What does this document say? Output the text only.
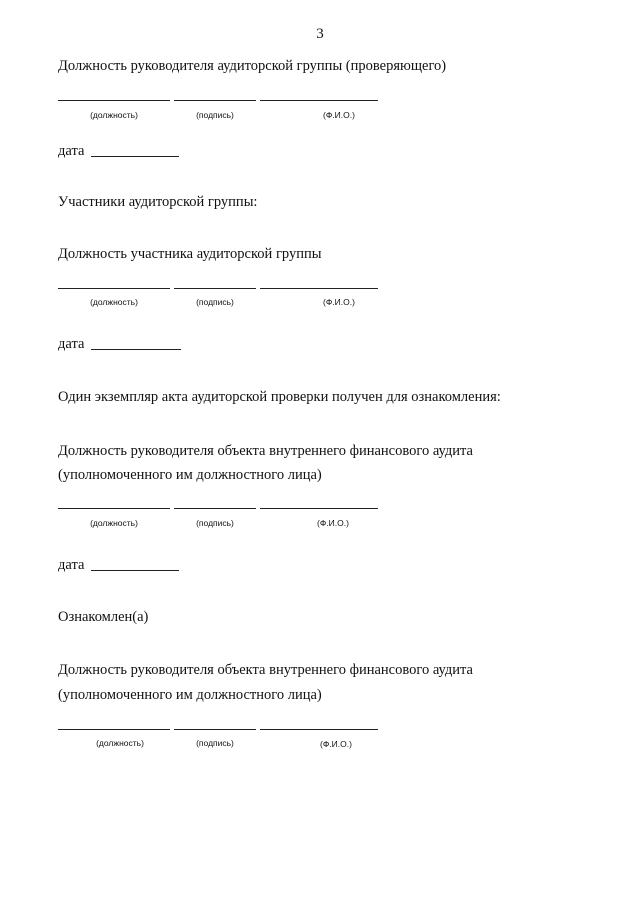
3
Должность руководителя аудиторской группы (проверяющего)
(должность)	(подпись)	(Ф.И.О.)
дата
Участники аудиторской группы:
Должность участника аудиторской группы
(должность)	(подпись)	(Ф.И.О.)
дата
Один экземпляр акта аудиторской проверки получен для ознакомления:
Должность руководителя объекта внутреннего финансового аудита
(уполномоченного им должностного лица)
(должность)	(подпись)	(Ф.И.О.)
дата
Ознакомлен(а)
Должность руководителя объекта внутреннего финансового аудита
(уполномоченного им должностного лица)
(должность)	(подпись)	(Ф.И.О.)
